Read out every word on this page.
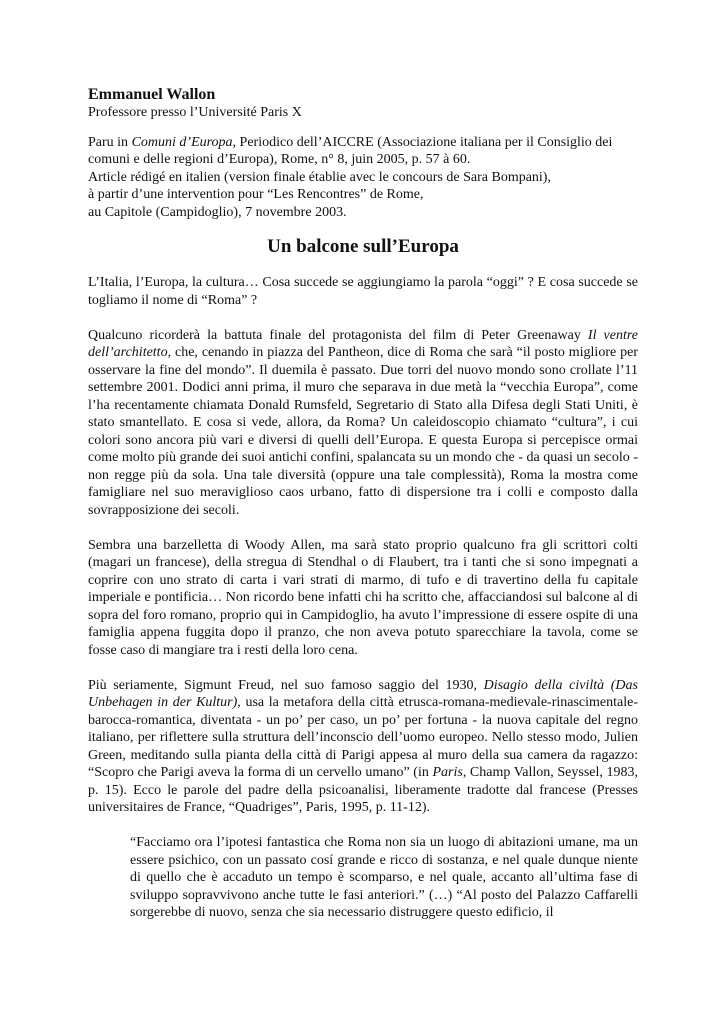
Emmanuel Wallon

Professore presso l’Université Paris X

Paru in Comuni d’Europa, Periodico dell’AICCRE (Associazione italiana per il Consiglio dei comuni e delle regioni d’Europa), Rome, n° 8, juin 2005, p. 57 à 60.

Article rédigé en italien (version finale établie avec le concours de Sara Bompani),

à partir d’une intervention pour “Les Rencontres” de Rome,

au Capitole (Campidoglio), 7 novembre 2003.

Un balcone sull’Europa

L’Italia, l’Europa, la cultura… Cosa succede se aggiungiamo la parola “oggi” ? E cosa succede se togliamo il nome di “Roma” ?

Qualcuno ricorderà la battuta finale del protagonista del film di Peter Greenaway Il ventre dell’architetto, che, cenando in piazza del Pantheon, dice di Roma che sarà “il posto migliore per osservare la fine del mondo”. Il duemila è passato. Due torri del nuovo mondo sono crollate l’11 settembre 2001. Dodici anni prima, il muro che separava in due metà la “vecchia Europa”, come l’ha recentamente chiamata Donald Rumsfeld, Segretario di Stato alla Difesa degli Stati Uniti, è stato smantellato. E cosa si vede, allora, da Roma? Un caleidoscopio chiamato “cultura”, i cui colori sono ancora più vari e diversi di quelli dell’Europa. E questa Europa si percepisce ormai come molto più grande dei suoi antichi confini, spalancata su un mondo che - da quasi un secolo - non regge più da sola. Una tale diversità (oppure una tale complessità), Roma la mostra come famigliare nel suo meraviglioso caos urbano, fatto di dispersione tra i colli e composto dalla sovrapposizione dei secoli.

Sembra una barzelletta di Woody Allen, ma sarà stato proprio qualcuno fra gli scrittori colti (magari un francese), della stregua di Stendhal o di Flaubert, tra i tanti che si sono impegnati a coprire con uno strato di carta i vari strati di marmo, di tufo e di travertino della fu capitale imperiale e pontificia… Non ricordo bene infatti chi ha scritto che, affacciandosi sul balcone al di sopra del foro romano, proprio qui in Campidoglio, ha avuto l’impressione di essere ospite di una famiglia appena fuggita dopo il pranzo, che non aveva potuto sparecchiare la tavola, come se fosse caso di mangiare tra i resti della loro cena.

Più seriamente, Sigmunt Freud, nel suo famoso saggio del 1930, Disagio della civiltà (Das Unbehagen in der Kultur), usa la metafora della città etrusca-romana-medievale-rinascimentale-barocca-romantica, diventata - un po’ per caso, un po’ per fortuna - la nuova capitale del regno italiano, per riflettere sulla struttura dell’inconscio dell’uomo europeo. Nello stesso modo, Julien Green, meditando sulla pianta della città di Parigi appesa al muro della sua camera da ragazzo: “Scopro che Parigi aveva la forma di un cervello umano” (in Paris, Champ Vallon, Seyssel, 1983, p. 15). Ecco le parole del padre della psicoanalisi, liberamente tradotte dal francese (Presses universitaires de France, “Quadriges”, Paris, 1995, p. 11-12).

“Facciamo ora l’ipotesi fantastica che Roma non sia un luogo di abitazioni umane, ma un essere psichico, con un passato cosí grande e ricco di sostanza, e nel quale dunque niente di quello che è accaduto un tempo è scomparso, e nel quale, accanto all’ultima fase di sviluppo sopravvivono anche tutte le fasi anteriori.” (…) “Al posto del Palazzo Caffarelli sorgerebbe di nuovo, senza che sia necessario distruggere questo edificio, il
